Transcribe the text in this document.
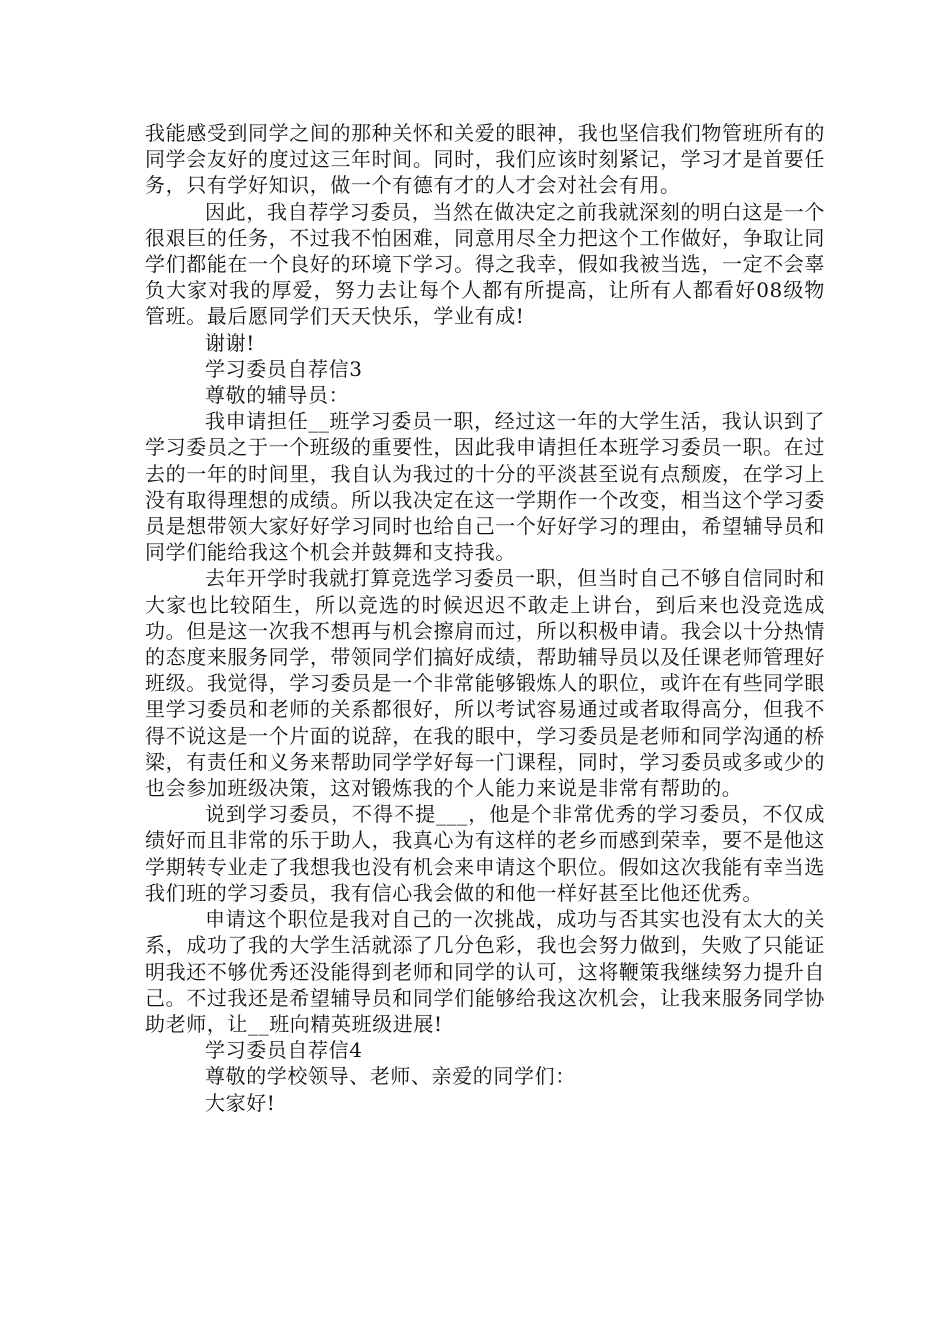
我能感受到同学之间的那种关怀和关爱的眼神，我也坚信我们物管班所有的同学会友好的度过这三年时间。同时，我们应该时刻紧记，学习才是首要任务，只有学好知识，做一个有德有才的人才会对社会有用。

因此，我自荐学习委员，当然在做决定之前我就深刻的明白这是一个很艰巨的任务，不过我不怕困难，同意用尽全力把这个工作做好，争取让同学们都能在一个良好的环境下学习。得之我幸，假如我被当选，一定不会辜负大家对我的厚爱，努力去让每个人都有所提高，让所有人都看好08级物管班。最后愿同学们天天快乐，学业有成!

谢谢!

学习委员自荐信3

尊敬的辅导员：

我申请担任__班学习委员一职，经过这一年的大学生活，我认识到了学习委员之于一个班级的重要性，因此我申请担任本班学习委员一职。在过去的一年的时间里，我自认为我过的十分的平淡甚至说有点颓废，在学习上没有取得理想的成绩。所以我决定在这一学期作一个改变，相当这个学习委员是想带领大家好好学习同时也给自己一个好好学习的理由，希望辅导员和同学们能给我这个机会并鼓舞和支持我。

去年开学时我就打算竞选学习委员一职，但当时自己不够自信同时和大家也比较陌生，所以竞选的时候迟迟不敢走上讲台，到后来也没竞选成功。但是这一次我不想再与机会擦肩而过，所以积极申请。我会以十分热情的态度来服务同学，带领同学们搞好成绩，帮助辅导员以及任课老师管理好班级。我觉得，学习委员是一个非常能够锻炼人的职位，或许在有些同学眼里学习委员和老师的关系都很好，所以考试容易通过或者取得高分，但我不得不说这是一个片面的说辞，在我的眼中，学习委员是老师和同学沟通的桥梁，有责任和义务来帮助同学学好每一门课程，同时，学习委员或多或少的也会参加班级决策，这对锻炼我的个人能力来说是非常有帮助的。

说到学习委员，不得不提___，他是个非常优秀的学习委员，不仅成绩好而且非常的乐于助人，我真心为有这样的老乡而感到荣幸，要不是他这学期转专业走了我想我也没有机会来申请这个职位。假如这次我能有幸当选我们班的学习委员，我有信心我会做的和他一样好甚至比他还优秀。

申请这个职位是我对自己的一次挑战，成功与否其实也没有太大的关系，成功了我的大学生活就添了几分色彩，我也会努力做到，失败了只能证明我还不够优秀还没能得到老师和同学的认可，这将鞭策我继续努力提升自己。不过我还是希望辅导员和同学们能够给我这次机会，让我来服务同学协助老师，让__班向精英班级进展!

学习委员自荐信4

尊敬的学校领导、老师、亲爱的同学们：

大家好!
